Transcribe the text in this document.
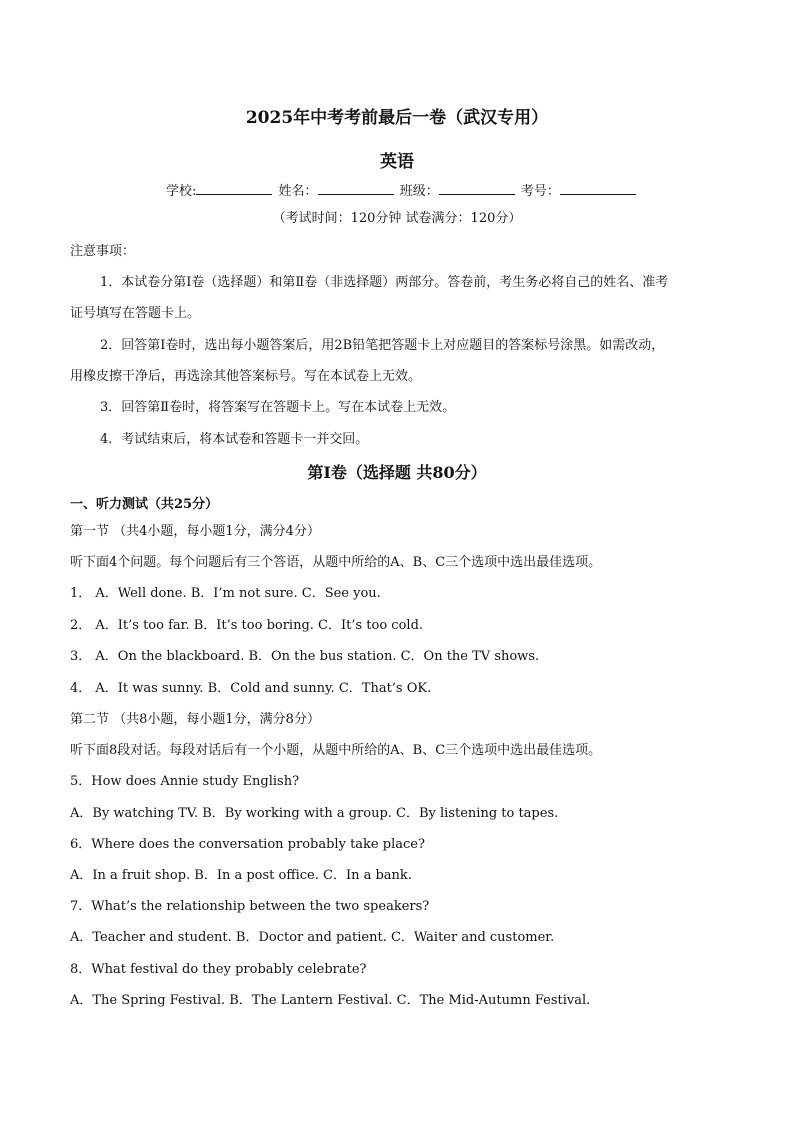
2025年中考考前最后一卷（武汉专用）
英语
学校:	姓名：	班级：	考号：
（考试时间：120分钟 试卷满分：120分）
注意事项：
1．本试卷分第Ⅰ卷（选择题）和第Ⅱ卷（非选择题）两部分。答卷前，考生务必将自己的姓名、准考
证号填写在答题卡上。
2．回答第Ⅰ卷时，选出每小题答案后，用2B铅笔把答题卡上对应题目的答案标号涂黑。如需改动，
用橡皮擦干净后，再选涂其他答案标号。写在本试卷上无效。
3．回答第Ⅱ卷时，将答案写在答题卡上。写在本试卷上无效。
4．考试结束后，将本试卷和答题卡一并交回。
第Ⅰ卷（选择题 共80分）
一、听力测试（共25分）
第一节 （共4小题，每小题1分，满分4分）
听下面4个问题。每个问题后有三个答语，从题中所给的A、B、C三个选项中选出最佳选项。
1． A．Well done. B．I’m not sure. C．See you.
2． A．It’s too far. B．It’s too boring. C．It’s too cold.
3． A．On the blackboard. B．On the bus station. C．On the TV shows.
4． A．It was sunny. B．Cold and sunny. C．That’s OK.
第二节 （共8小题，每小题1分，满分8分）
听下面8段对话。每段对话后有一个小题，从题中所给的A、B、C三个选项中选出最佳选项。
5．How does Annie study English?
A．By watching TV. B．By working with a group. C．By listening to tapes.
6．Where does the conversation probably take place?
A．In a fruit shop. B．In a post office. C．In a bank.
7．What’s the relationship between the two speakers?
A．Teacher and student. B．Doctor and patient. C．Waiter and customer.
8．What festival do they probably celebrate?
A．The Spring Festival. B．The Lantern Festival. C．The Mid-Autumn Festival.
